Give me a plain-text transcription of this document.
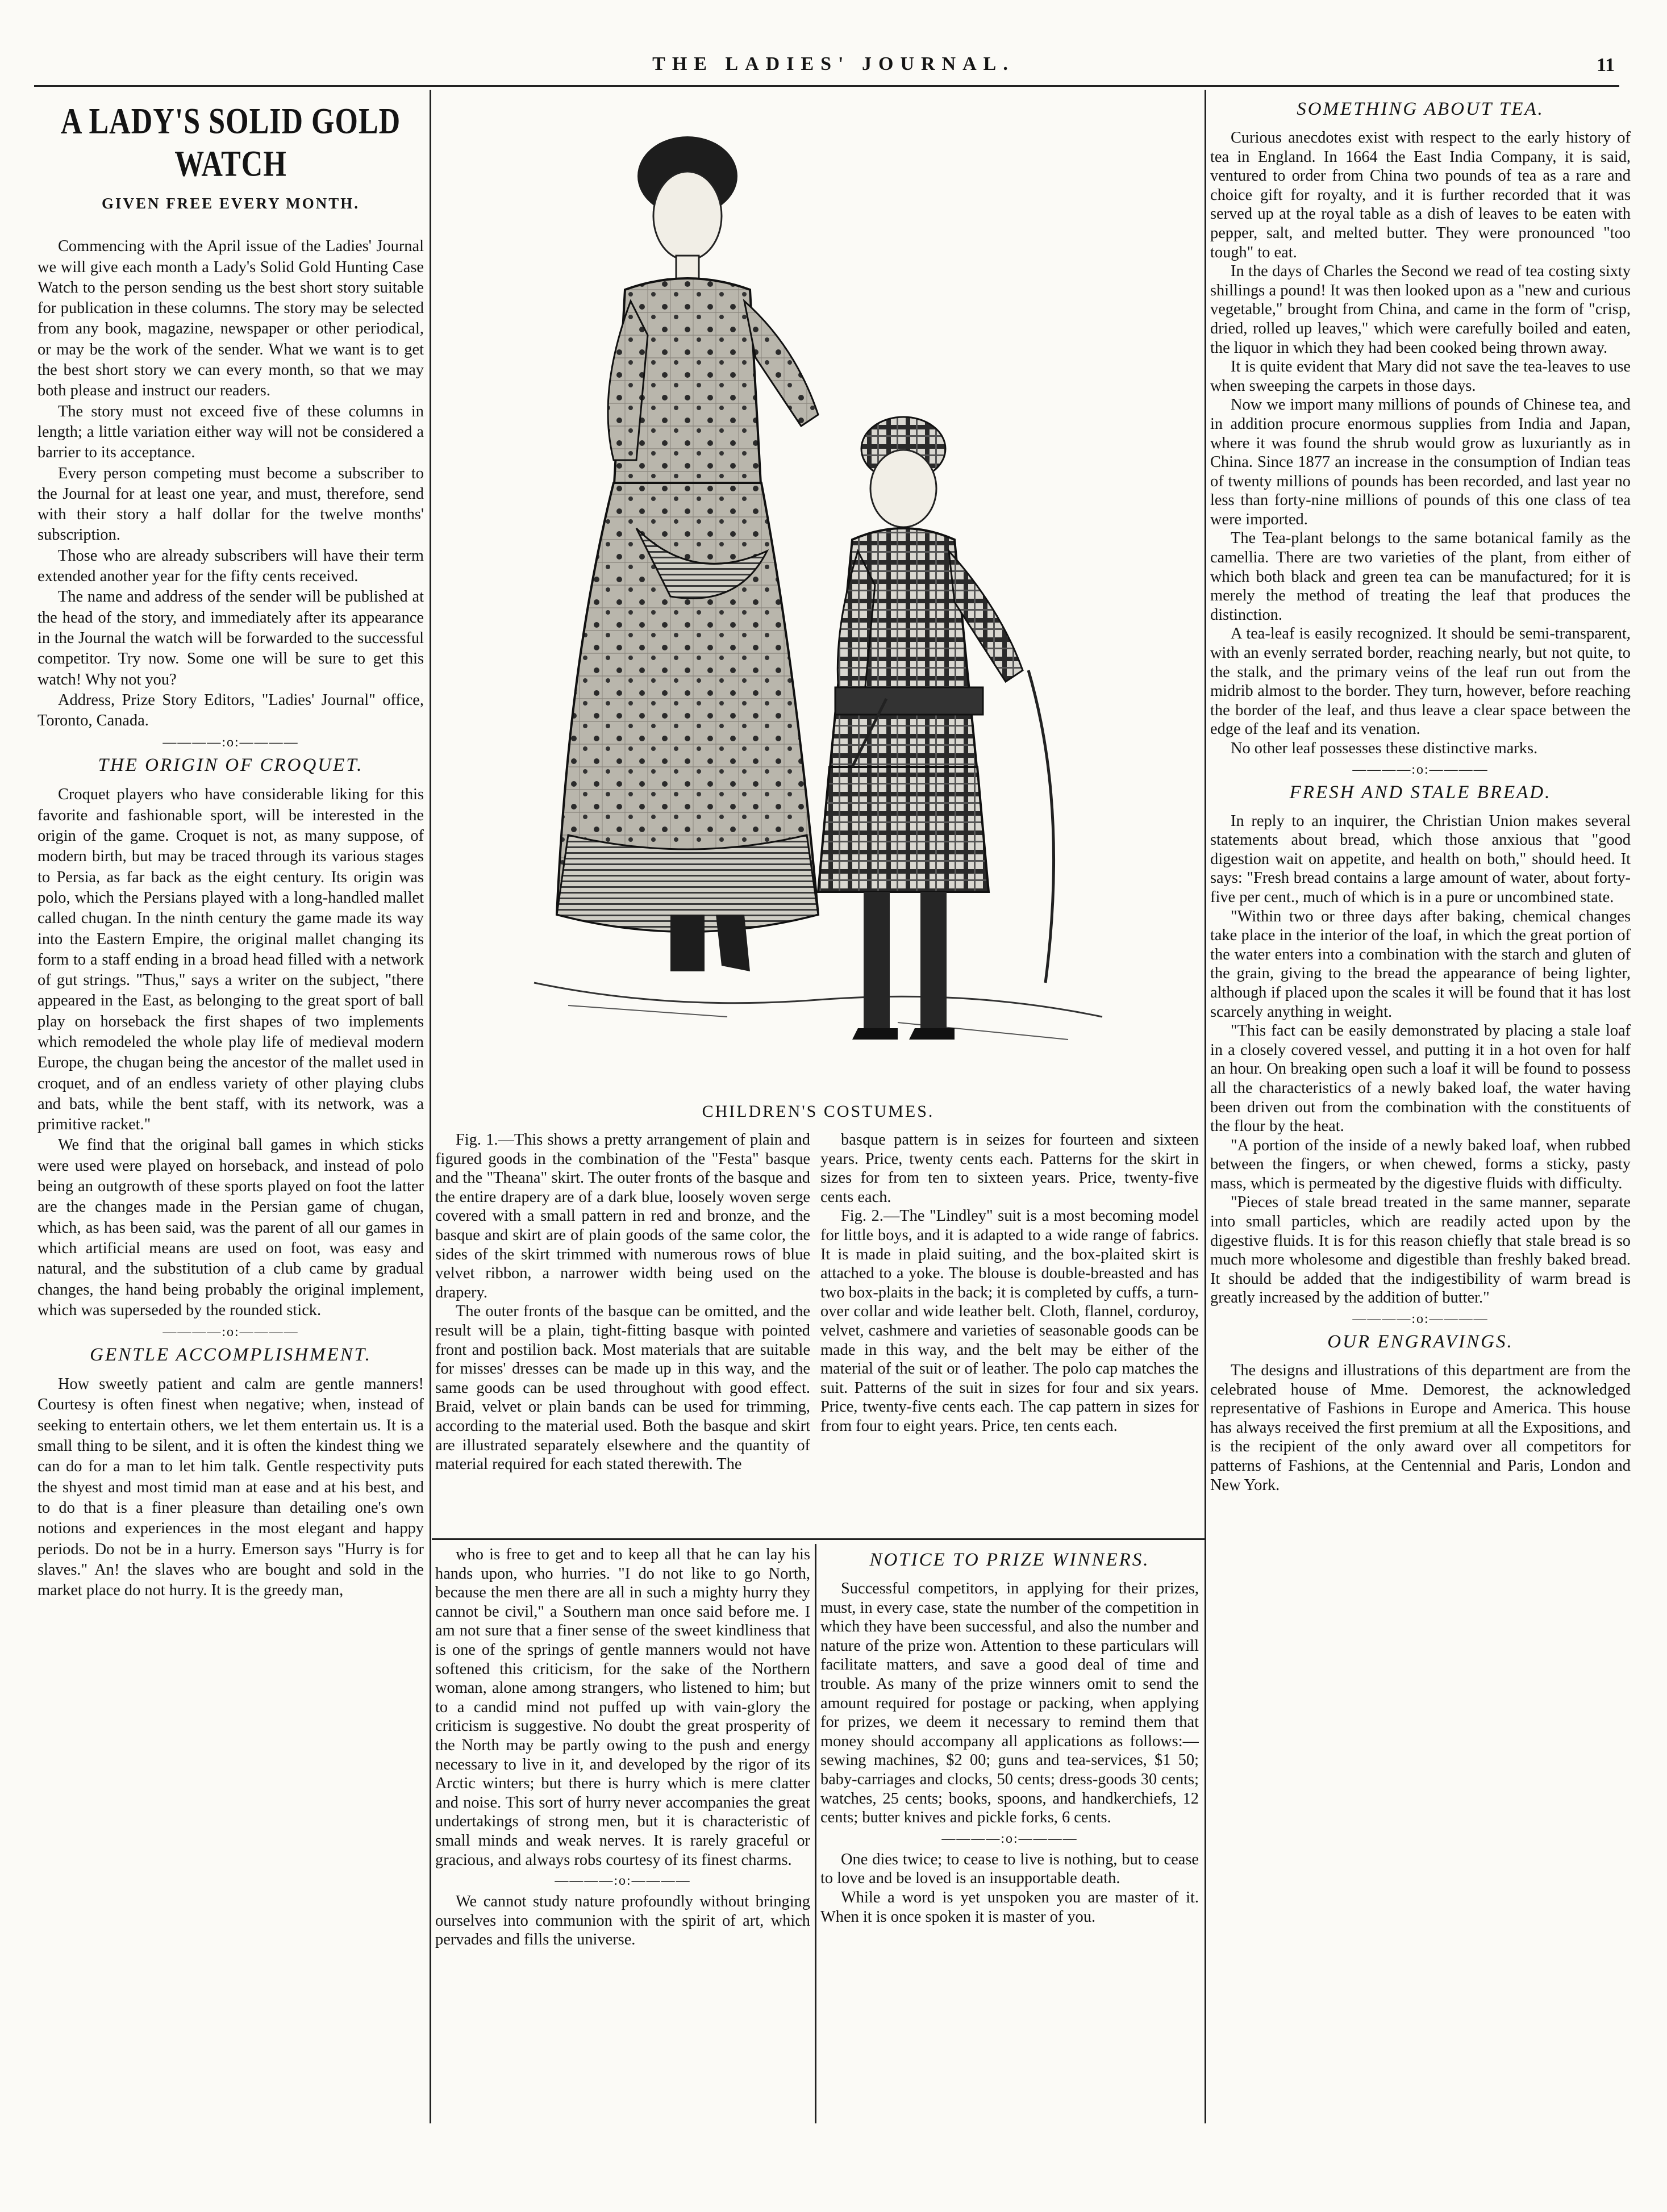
THE LADIES' JOURNAL.	11
A LADY'S SOLID GOLD WATCH
GIVEN FREE EVERY MONTH.

Commencing with the April issue of the Ladies' Journal we will give each month a Lady's Solid Gold Hunting Case Watch to the person sending us the best short story suitable for publication in these columns. The story may be selected from any book, magazine, newspaper or other periodical, or may be the work of the sender. What we want is to get the best short story we can every month, so that we may both please and instruct our readers.

The story must not exceed five of these columns in length; a little variation either way will not be considered a barrier to its acceptance.

Every person competing must become a subscriber to the Journal for at least one year, and must, therefore, send with their story a half dollar for the twelve months' subscription.

Those who are already subscribers will have their term extended another year for the fifty cents received.

The name and address of the sender will be published at the head of the story, and immediately after its appearance in the Journal the watch will be forwarded to the successful competitor. Try now. Some one will be sure to get this watch! Why not you?

Address, Prize Story Editors, "Ladies' Journal" office, Toronto, Canada.

————:o:————
THE ORIGIN OF CROQUET.

Croquet players who have considerable liking for this favorite and fashionable sport, will be interested in the origin of the game. Croquet is not, as many suppose, of modern birth, but may be traced through its various stages to Persia, as far back as the eight century. Its origin was polo, which the Persians played with a long-handled mallet called chugan. In the ninth century the game made its way into the Eastern Empire, the original mallet changing its form to a staff ending in a broad head filled with a network of gut strings. "Thus," says a writer on the subject, "there appeared in the East, as belonging to the great sport of ball play on horseback the first shapes of two implements which remodeled the whole play life of medieval modern Europe, the chugan being the ancestor of the mallet used in croquet, and of an endless variety of other playing clubs and bats, while the bent staff, with its network, was a primitive racket."

We find that the original ball games in which sticks were used were played on horseback, and instead of polo being an outgrowth of these sports played on foot the latter are the changes made in the Persian game of chugan, which, as has been said, was the parent of all our games in which artificial means are used on foot, was easy and natural, and the substitution of a club came by gradual changes, the hand being probably the original implement, which was superseded by the rounded stick.

————:o:————
GENTLE ACCOMPLISHMENT.

How sweetly patient and calm are gentle manners! Courtesy is often finest when negative; when, instead of seeking to entertain others, we let them entertain us. It is a small thing to be silent, and it is often the kindest thing we can do for a man to let him talk. Gentle respectivity puts the shyest and most timid man at ease and at his best, and to do that is a finer pleasure than detailing one's own notions and experiences in the most elegant and happy periods. Do not be in a hurry. Emerson says "Hurry is for slaves." An! the slaves who are bought and sold in the market place do not hurry. It is the greedy man,

CHILDREN'S COSTUMES.

Fig. 1.—This shows a pretty arrangement of plain and figured goods in the combination of the "Festa" basque and the "Theana" skirt. The outer fronts of the basque and the entire drapery are of a dark blue, loosely woven serge covered with a small pattern in red and bronze, and the basque and skirt are of plain goods of the same color, the sides of the skirt trimmed with numerous rows of blue velvet ribbon, a narrower width being used on the drapery.

The outer fronts of the basque can be omitted, and the result will be a plain, tight-fitting basque with pointed front and postilion back. Most materials that are suitable for misses' dresses can be made up in this way, and the same goods can be used throughout with good effect. Braid, velvet or plain bands can be used for trimming, according to the material used. Both the basque and skirt are illustrated separately elsewhere and the quantity of material required for each stated therewith. The

basque pattern is in seizes for fourteen and sixteen years. Price, twenty cents each. Patterns for the skirt in sizes for from ten to sixteen years. Price, twenty-five cents each.

Fig. 2.—The "Lindley" suit is a most becoming model for little boys, and it is adapted to a wide range of fabrics. It is made in plaid suiting, and the box-plaited skirt is attached to a yoke. The blouse is double-breasted and has two box-plaits in the back; it is completed by cuffs, a turn-over collar and wide leather belt. Cloth, flannel, corduroy, velvet, cashmere and varieties of seasonable goods can be made in this way, and the belt may be either of the material of the suit or of leather. The polo cap matches the suit. Patterns of the suit in sizes for four and six years. Price, twenty-five cents each. The cap pattern in sizes for from four to eight years. Price, ten cents each.

who is free to get and to keep all that he can lay his hands upon, who hurries. "I do not like to go North, because the men there are all in such a mighty hurry they cannot be civil," a Southern man once said before me. I am not sure that a finer sense of the sweet kindliness that is one of the springs of gentle manners would not have softened this criticism, for the sake of the Northern woman, alone among strangers, who listened to him; but to a candid mind not puffed up with vain-glory the criticism is suggestive. No doubt the great prosperity of the North may be partly owing to the push and energy necessary to live in it, and developed by the rigor of its Arctic winters; but there is hurry which is mere clatter and noise. This sort of hurry never accompanies the great undertakings of strong men, but it is characteristic of small minds and weak nerves. It is rarely graceful or gracious, and always robs courtesy of its finest charms.

————:o:————

We cannot study nature profoundly without bringing ourselves into communion with the spirit of art, which pervades and fills the universe.

NOTICE TO PRIZE WINNERS.

Successful competitors, in applying for their prizes, must, in every case, state the number of the competition in which they have been successful, and also the number and nature of the prize won. Attention to these particulars will facilitate matters, and save a good deal of time and trouble. As many of the prize winners omit to send the amount required for postage or packing, when applying for prizes, we deem it necessary to remind them that money should accompany all applications as follows:—sewing machines, $2 00; guns and tea-services, $1 50; baby-carriages and clocks, 50 cents; dress-goods 30 cents; watches, 25 cents; books, spoons, and handkerchiefs, 12 cents; butter knives and pickle forks, 6 cents.

————:o:————

One dies twice; to cease to live is nothing, but to cease to love and be loved is an insupportable death.

While a word is yet unspoken you are master of it. When it is once spoken it is master of you.

SOMETHING ABOUT TEA.

Curious anecdotes exist with respect to the early history of tea in England. In 1664 the East India Company, it is said, ventured to order from China two pounds of tea as a rare and choice gift for royalty, and it is further recorded that it was served up at the royal table as a dish of leaves to be eaten with pepper, salt, and melted butter. They were pronounced "too tough" to eat.

In the days of Charles the Second we read of tea costing sixty shillings a pound! It was then looked upon as a "new and curious vegetable," brought from China, and came in the form of "crisp, dried, rolled up leaves," which were carefully boiled and eaten, the liquor in which they had been cooked being thrown away.

It is quite evident that Mary did not save the tea-leaves to use when sweeping the carpets in those days.

Now we import many millions of pounds of Chinese tea, and in addition procure enormous supplies from India and Japan, where it was found the shrub would grow as luxuriantly as in China. Since 1877 an increase in the consumption of Indian teas of twenty millions of pounds has been recorded, and last year no less than forty-nine millions of pounds of this one class of tea were imported.

The Tea-plant belongs to the same botanical family as the camellia. There are two varieties of the plant, from either of which both black and green tea can be manufactured; for it is merely the method of treating the leaf that produces the distinction.

A tea-leaf is easily recognized. It should be semi-transparent, with an evenly serrated border, reaching nearly, but not quite, to the stalk, and the primary veins of the leaf run out from the midrib almost to the border. They turn, however, before reaching the border of the leaf, and thus leave a clear space between the edge of the leaf and its venation.

No other leaf possesses these distinctive marks.

————:o:————
FRESH AND STALE BREAD.

In reply to an inquirer, the Christian Union makes several statements about bread, which those anxious that "good digestion wait on appetite, and health on both," should heed. It says: "Fresh bread contains a large amount of water, about forty-five per cent., much of which is in a pure or uncombined state.

"Within two or three days after baking, chemical changes take place in the interior of the loaf, in which the great portion of the water enters into a combination with the starch and gluten of the grain, giving to the bread the appearance of being lighter, although if placed upon the scales it will be found that it has lost scarcely anything in weight.

"This fact can be easily demonstrated by placing a stale loaf in a closely covered vessel, and putting it in a hot oven for half an hour. On breaking open such a loaf it will be found to possess all the characteristics of a newly baked loaf, the water having been driven out from the combination with the constituents of the flour by the heat.

"A portion of the inside of a newly baked loaf, when rubbed between the fingers, or when chewed, forms a sticky, pasty mass, which is permeated by the digestive fluids with difficulty.

"Pieces of stale bread treated in the same manner, separate into small particles, which are readily acted upon by the digestive fluids. It is for this reason chiefly that stale bread is so much more wholesome and digestible than freshly baked bread. It should be added that the indigestibility of warm bread is greatly increased by the addition of butter."

————:o:————
OUR ENGRAVINGS.

The designs and illustrations of this department are from the celebrated house of Mme. Demorest, the acknowledged representative of Fashions in Europe and America. This house has always received the first premium at all the Expositions, and is the recipient of the only award over all competitors for patterns of Fashions, at the Centennial and Paris, London and New York.
